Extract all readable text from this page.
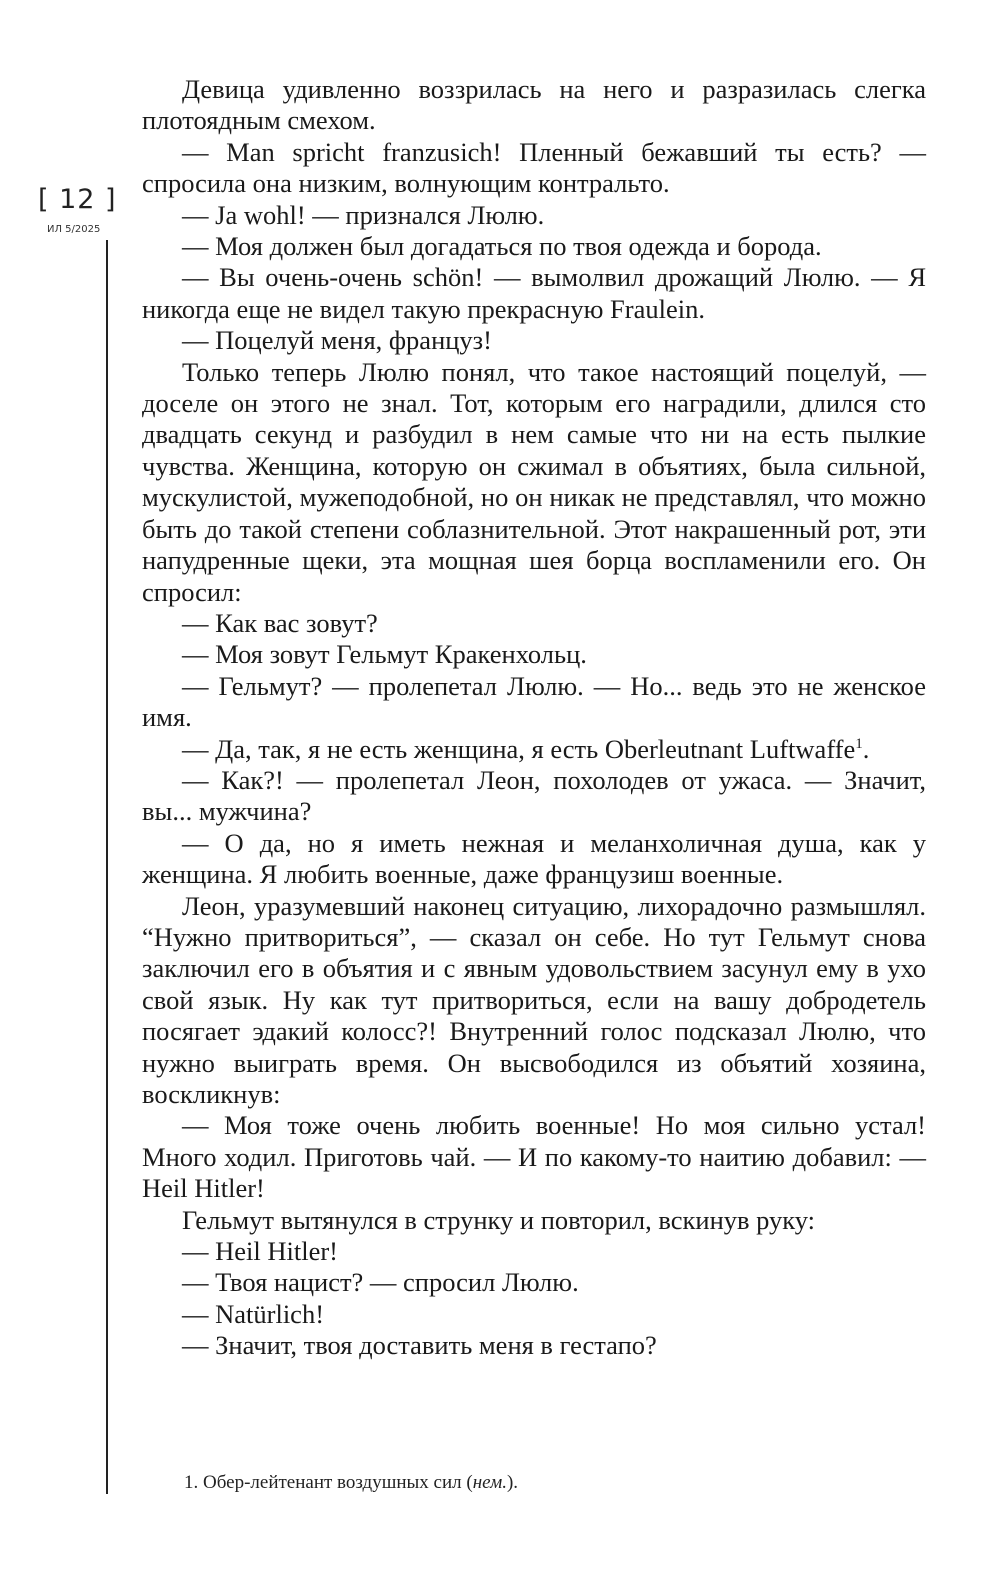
[ 12 ]
ИЛ 5/2025

Девица удивленно воззрилась на него и разразилась слегка плотоядным смехом.

— Man spricht franzusich! Пленный бежавший ты есть? — спросила она низким, волнующим контральто.

— Ja wohl! — признался Люлю.

— Моя должен был догадаться по твоя одежда и борода.

— Вы очень-очень schön! — вымолвил дрожащий Люлю. — Я никогда еще не видел такую прекрасную Fraulein.

— Поцелуй меня, француз!

Только теперь Люлю понял, что такое настоящий поцелуй, — доселе он этого не знал. Тот, которым его наградили, длился сто двадцать секунд и разбудил в нем самые что ни на есть пылкие чувства. Женщина, которую он сжимал в объятиях, была сильной, мускулистой, мужеподобной, но он никак не представлял, что можно быть до такой степени соблазнительной. Этот накрашенный рот, эти напудренные щеки, эта мощная шея борца воспламенили его. Он спросил:

— Как вас зовут?

— Моя зовут Гельмут Кракенхольц.

— Гельмут? — пролепетал Люлю. — Но... ведь это не женское имя.

— Да, так, я не есть женщина, я есть Oberleutnant Luftwaffe$^1$.

— Как?! — пролепетал Леон, похолодев от ужаса. — Значит, вы... мужчина?

— О да, но я иметь нежная и меланхоличная душа, как у женщина. Я любить военные, даже французиш военные.

Леон, уразумевший наконец ситуацию, лихорадочно размышлял. “Нужно притвориться”, — сказал он себе. Но тут Гельмут снова заключил его в объятия и с явным удовольствием засунул ему в ухо свой язык. Ну как тут притвориться, если на вашу добродетель посягает эдакий колосс?! Внутренний голос подсказал Люлю, что нужно выиграть время. Он высвободился из объятий хозяина, воскликнув:

— Моя тоже очень любить военные! Но моя сильно устал! Много ходил. Приготовь чай. — И по какому-то наитию добавил: — Heil Hitler!

Гельмут вытянулся в струнку и повторил, вскинув руку:

— Heil Hitler!

— Твоя нацист? — спросил Люлю.

— Natürlich!

— Значит, твоя доставить меня в гестапо?

1. Обер-лейтенант воздушных сил (нем.).
